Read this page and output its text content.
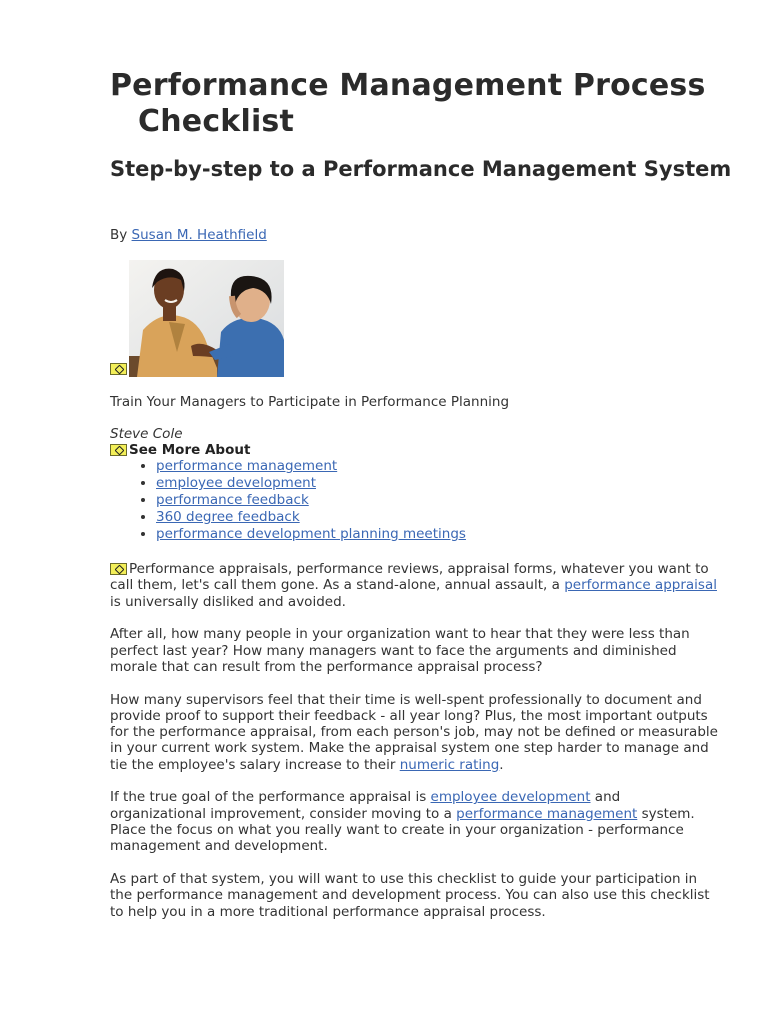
Performance Management Process Checklist
Step-by-step to a Performance Management System
By Susan M. Heathfield
Train Your Managers to Participate in Performance Planning
Steve Cole
See More About
• performance management
• employee development
• performance feedback
• 360 degree feedback
• performance development planning meetings

Performance appraisals, performance reviews, appraisal forms, whatever you want to call them, let's call them gone. As a stand-alone, annual assault, a performance appraisal is universally disliked and avoided.

After all, how many people in your organization want to hear that they were less than perfect last year? How many managers want to face the arguments and diminished morale that can result from the performance appraisal process?

How many supervisors feel that their time is well-spent professionally to document and provide proof to support their feedback - all year long? Plus, the most important outputs for the performance appraisal, from each person's job, may not be defined or measurable in your current work system. Make the appraisal system one step harder to manage and tie the employee's salary increase to their numeric rating.

If the true goal of the performance appraisal is employee development and organizational improvement, consider moving to a performance management system. Place the focus on what you really want to create in your organization - performance management and development.

As part of that system, you will want to use this checklist to guide your participation in the performance management and development process. You can also use this checklist to help you in a more traditional performance appraisal process.
